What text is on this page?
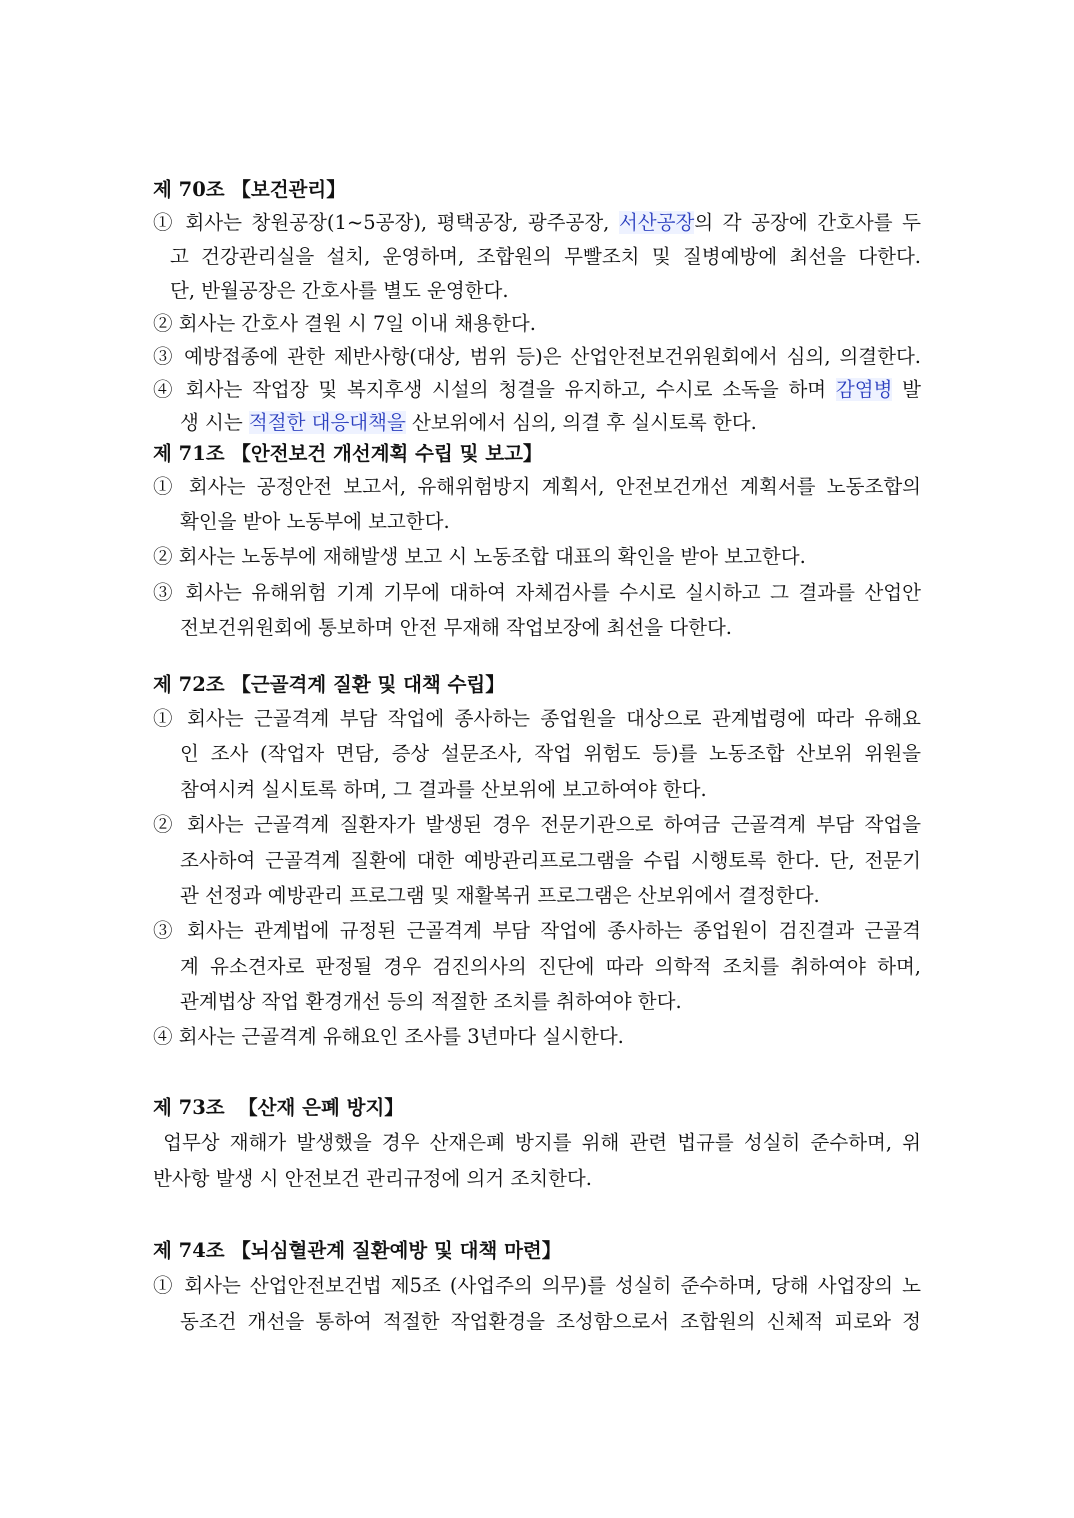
제 70조 【보건관리】
① 회사는 창원공장(1~5공장), 평택공장, 광주공장, 서산공장의 각 공장에 간호사를 두
고 건강관리실을 설치, 운영하며, 조합원의 무빨조치 및 질병예방에 최선을 다한다.
단, 반월공장은 간호사를 별도 운영한다.
② 회사는 간호사 결원 시 7일 이내 채용한다.
③ 예방접종에 관한 제반사항(대상, 범위 등)은 산업안전보건위원회에서 심의, 의결한다.
④ 회사는 작업장 및 복지후생 시설의 청결을 유지하고, 수시로 소독을 하며 감염병 발
생 시는 적절한 대응대책을 산보위에서 심의, 의결 후 실시토록 한다.
제 71조 【안전보건 개선계획 수립 및 보고】
① 회사는 공정안전 보고서, 유해위험방지 계획서, 안전보건개선 계획서를 노동조합의
확인을 받아 노동부에 보고한다.
② 회사는 노동부에 재해발생 보고 시 노동조합 대표의 확인을 받아 보고한다.
③ 회사는 유해위험 기계 기무에 대하여 자체검사를 수시로 실시하고 그 결과를 산업안
전보건위원회에 통보하며 안전 무재해 작업보장에 최선을 다한다.
제 72조 【근골격계 질환 및 대책 수립】
① 회사는 근골격계 부담 작업에 종사하는 종업원을 대상으로 관계법령에 따라 유해요
인 조사 (작업자 면담, 증상 설문조사, 작업 위험도 등)를 노동조합 산보위 위원을
참여시켜 실시토록 하며, 그 결과를 산보위에 보고하여야 한다.
② 회사는 근골격계 질환자가 발생된 경우 전문기관으로 하여금 근골격계 부담 작업을
조사하여 근골격계 질환에 대한 예방관리프로그램을 수립 시행토록 한다. 단, 전문기
관 선정과 예방관리 프로그램 및 재활복귀 프로그램은 산보위에서 결정한다.
③ 회사는 관계법에 규정된 근골격계 부담 작업에 종사하는 종업원이 검진결과 근골격
계 유소견자로 판정될 경우 검진의사의 진단에 따라 의학적 조치를 취하여야 하며,
관계법상 작업 환경개선 등의 적절한 조치를 취하여야 한다.
④ 회사는 근골격계 유해요인 조사를 3년마다 실시한다.
제 73조  【산재 은폐 방지】
업무상 재해가 발생했을 경우 산재은폐 방지를 위해 관련 법규를 성실히 준수하며, 위
반사항 발생 시 안전보건 관리규정에 의거 조치한다.
제 74조 【뇌심혈관계 질환예방 및 대책 마련】
① 회사는 산업안전보건법 제5조 (사업주의 의무)를 성실히 준수하며, 당해 사업장의 노
동조건 개선을 통하여 적절한 작업환경을 조성함으로서 조합원의 신체적 피로와 정
